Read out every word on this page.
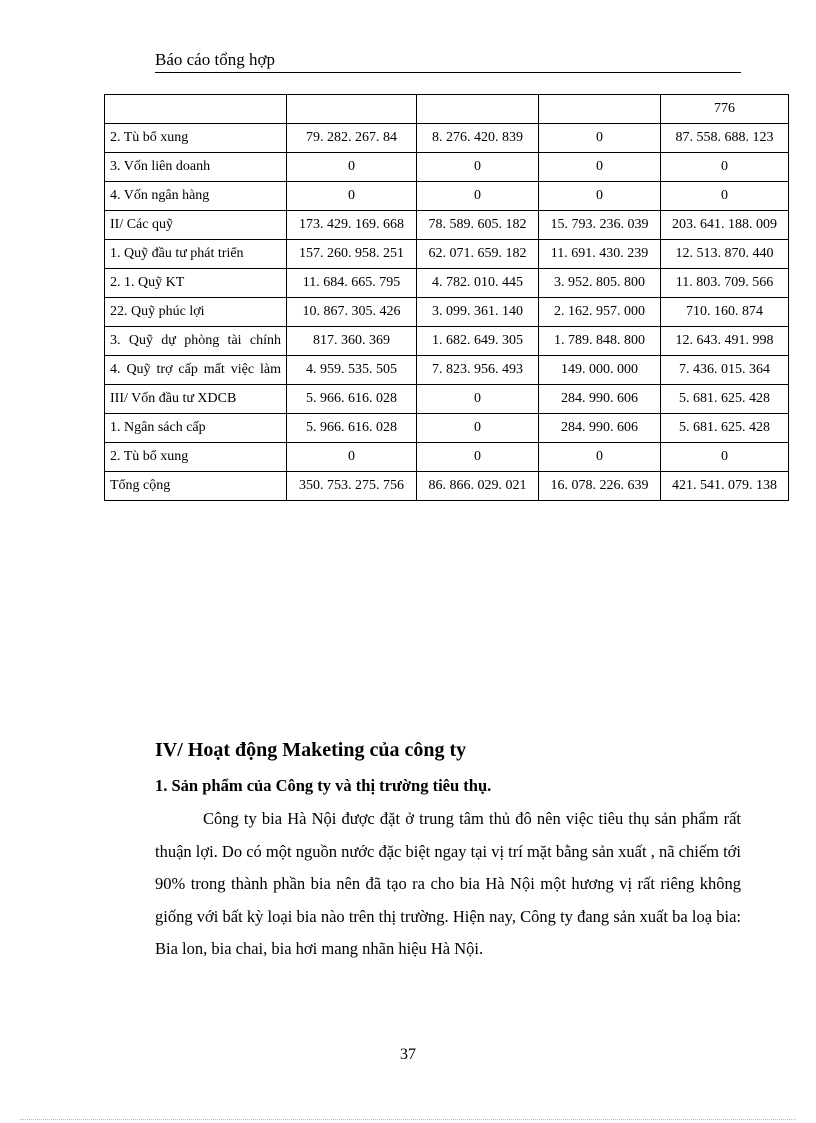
Báo cáo tổng hợp
				776
2. Tù bổ xung	79. 282. 267. 84	8. 276. 420. 839	0	87. 558. 688. 123
3. Vốn liên doanh	0	0	0	0
4. Vốn ngân hàng	0	0	0	0
II/ Các quỹ	173. 429. 169. 668	78. 589. 605. 182	15. 793. 236. 039	203. 641. 188. 009
1. Quỹ đầu tư phát triển	157. 260. 958. 251	62. 071. 659. 182	11. 691. 430. 239	12. 513. 870. 440
2. 1. Quỹ KT	11. 684. 665. 795	4. 782. 010. 445	3. 952. 805. 800	11. 803. 709. 566
22. Quỹ phúc lợi	10. 867. 305. 426	3. 099. 361. 140	2. 162. 957. 000	710. 160. 874
3. Quỹ dự phòng tài chính	817. 360. 369	1. 682. 649. 305	1. 789. 848. 800	12. 643. 491. 998
4. Quỹ trợ cấp mất việc làm	4. 959. 535. 505	7. 823. 956. 493	149. 000. 000	7. 436. 015. 364
III/ Vốn đầu tư XDCB	5. 966. 616. 028	0	284. 990. 606	5. 681. 625. 428
1. Ngân sách cấp	5. 966. 616. 028	0	284. 990. 606	5. 681. 625. 428
2. Tù bổ xung	0	0	0	0
Tổng cộng	350. 753. 275. 756	86. 866. 029. 021	16. 078. 226. 639	421. 541. 079. 138
IV/ Hoạt động Maketing của công ty
1. Sản phẩm của Công ty và thị trường tiêu thụ.
Công ty bia Hà Nội được đặt ở trung tâm thủ đô nên việc tiêu thụ sản phẩm rất thuận lợi. Do có một nguồn nước đặc biệt ngay tại vị trí mặt bằng sản xuất , nã chiếm tới 90% trong thành phần bia nên đã tạo ra cho bia Hà Nội một hương vị rất riêng không giống với bất kỳ loại bia nào trên thị trường. Hiện nay, Công ty đang sản xuất ba loạ bia: Bia lon, bia chai, bia hơi mang nhãn hiệu Hà Nội.
37
